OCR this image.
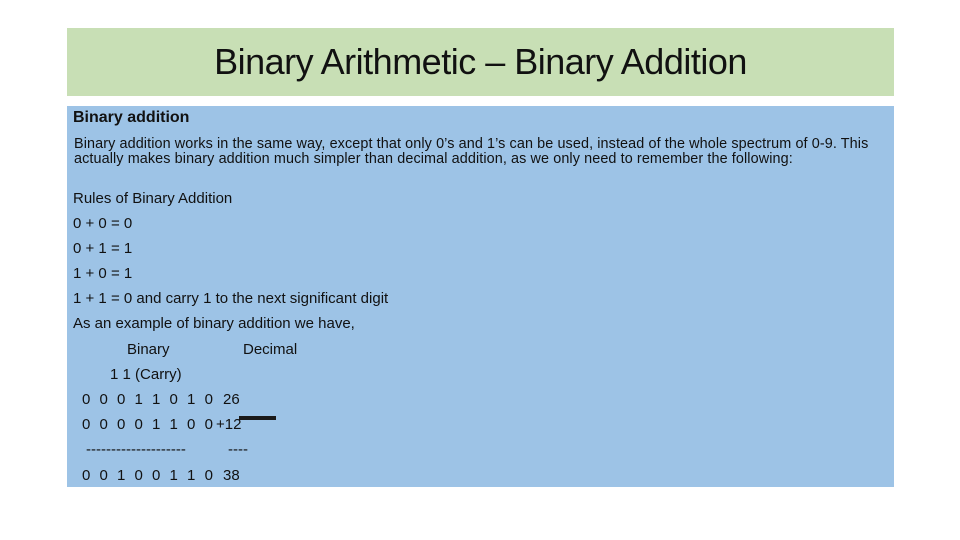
Binary Arithmetic – Binary Addition
Binary addition
Binary addition works in the same way, except that only 0’s and 1’s can be used, instead of the whole spectrum of 0-9. This actually makes binary addition much simpler than decimal addition, as we only need to remember the following:
Rules of Binary Addition
0 + 0 = 0
0 + 1 = 1
1 + 0 = 1
1 + 1 = 0 and carry 1 to the next significant digit
As an example of binary addition we have,
Binary	Decimal
1 1 (Carry)
0 0 0 1 1 0 1 0 26
0 0 0 0 1 1 0 0 +12
--------------------	----
0 0 1 0 0 1 1 0 38
